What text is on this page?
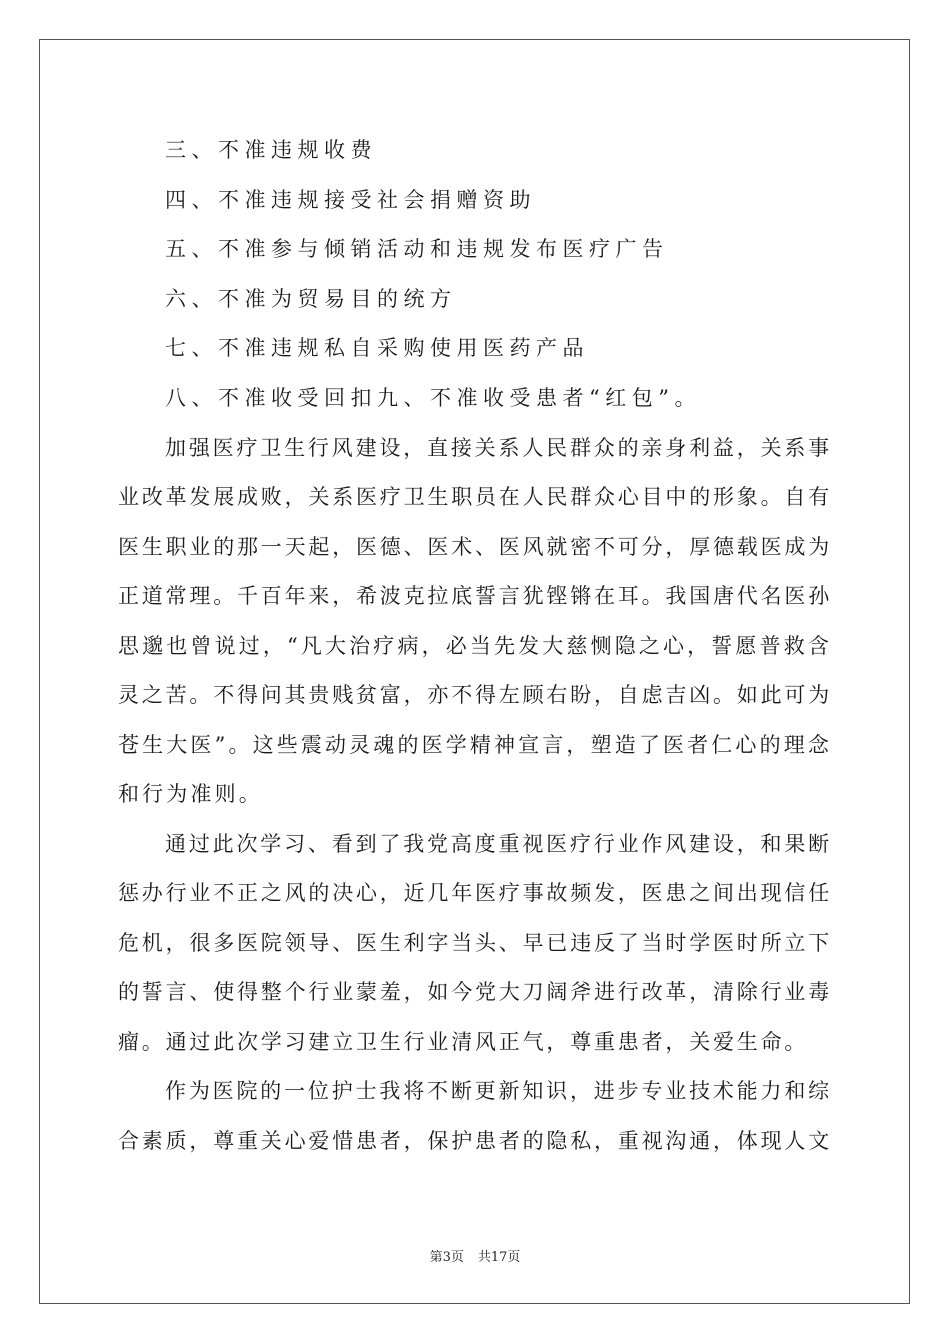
三、不准违规收费
四、不准违规接受社会捐赠资助
五、不准参与倾销活动和违规发布医疗广告
六、不准为贸易目的统方
七、不准违规私自采购使用医药产品
八、不准收受回扣九、不准收受患者“红包”。
加强医疗卫生行风建设，直接关系人民群众的亲身利益，关系事
业改革发展成败，关系医疗卫生职员在人民群众心目中的形象。自有
医生职业的那一天起，医德、医术、医风就密不可分，厚德载医成为
正道常理。千百年来，希波克拉底誓言犹铿锵在耳。我国唐代名医孙
思邈也曾说过，“凡大治疗病，必当先发大慈恻隐之心，誓愿普救含
灵之苦。不得问其贵贱贫富，亦不得左顾右盼，自虑吉凶。如此可为
苍生大医”。这些震动灵魂的医学精神宣言，塑造了医者仁心的理念
和行为准则。
通过此次学习、看到了我党高度重视医疗行业作风建设，和果断
惩办行业不正之风的决心，近几年医疗事故频发，医患之间出现信任
危机，很多医院领导、医生利字当头、早已违反了当时学医时所立下
的誓言、使得整个行业蒙羞，如今党大刀阔斧进行改革，清除行业毒
瘤。通过此次学习建立卫生行业清风正气，尊重患者，关爱生命。
作为医院的一位护士我将不断更新知识，进步专业技术能力和综
合素质，尊重关心爱惜患者，保护患者的隐私，重视沟通，体现人文
第3页 共17页
